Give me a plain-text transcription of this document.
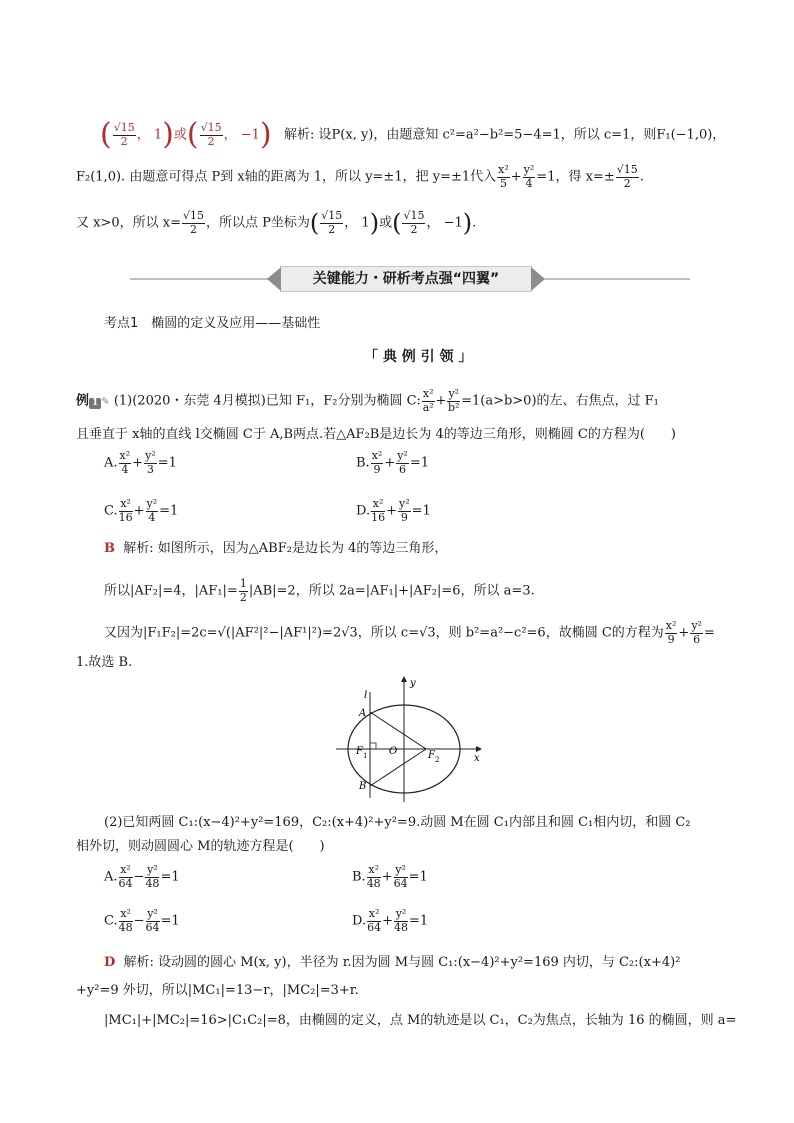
( $\frac{√15}{2}$ ， 1)或( $\frac{√15}{2}$ ， −1) 解析: 设P(x, y)，由题意知 c²=a²−b²=5−4=1，所以 c=1，则F₁(−1,0)，
F₂(1,0). 由题意可得点 P到 x轴的距离为 1，所以 y=±1，把 y=±1代入 $\frac{\text{x²}}{5} + \frac{\text{y²}}{4} =1$，得 $x=\pm \frac{√15}{2}$ .
又 x>0，所以 $x= \frac{√15}{2}$ ，所以点 P坐标为( $\frac{√15}{2}$ ， 1)或( $\frac{√15}{2}$ ， −1).
关键能力・研析考点强“四翼”
考点1　椭圆的定义及应用——基础性
「 典 例 引 领 」
例 1 ✎ (1)(2020・东莞 4月模拟)已知 F₁，F₂分别为椭圆 C: $\frac{\text{x²}}{\text{a²}} + \frac{\text{y²}}{\text{b²}} =1(a>b>0)$的左、右焦点，过 F₁
且垂直于 x轴的直线 l交椭圆 C于 A,B两点.若△AF₂B是边长为 4的等边三角形，则椭圆 C的方程为(　　)
A. $\frac{\text{x²}}{4} + \frac{\text{y²}}{3} =1$	B. $\frac{\text{x²}}{9} + \frac{\text{y²}}{6} =1$
C. $\frac{\text{x²}}{16} + \frac{\text{y²}}{4} =1$	D. $\frac{\text{x²}}{16} + \frac{\text{y²}}{9} =1$
B 解析: 如图所示，因为△ABF₂是边长为 4的等边三角形，
所以|AF₂|=4，$|AF_1|= \frac{1}{2} |AB|=2$，所以 2a=|AF₁|+|AF₂|=6，所以 a=3.
又因为|F₁F₂|=2c=√(|AF²|²−|AF¹|²)=2√3，所以 c=√3，则 b²=a²−c²=6，故椭圆 C的方程为 $\frac{\text{x²}}{9} + \frac{\text{y²}}{6}$ =
1.故选 B.
y
x
l
A
B
F 1 O	F 2
(2)已知两圆 C₁:(x−4)²+y²=169，C₂:(x+4)²+y²=9.动圆 M在圆 C₁内部且和圆 C₁相内切，和圆 C₂
相外切，则动圆圆心 M的轨迹方程是(　　)
A. $\frac{\text{x²}}{64} - \frac{\text{y²}}{48} =1$	B. $\frac{\text{x²}}{48} + \frac{\text{y²}}{64} =1$
C. $\frac{\text{x²}}{48} - \frac{\text{y²}}{64} =1$	D. $\frac{\text{x²}}{64} + \frac{\text{y²}}{48} =1$
D 解析: 设动圆的圆心 M(x, y)，半径为 r.因为圆 M与圆 C₁:(x−4)²+y²=169 内切，与 C₂:(x+4)²
+y²=9 外切，所以|MC₁|=13−r，|MC₂|=3+r.
|MC₁|+|MC₂|=16>|C₁C₂|=8，由椭圆的定义，点 M的轨迹是以 C₁，C₂为焦点，长轴为 16 的椭圆，则 a=
